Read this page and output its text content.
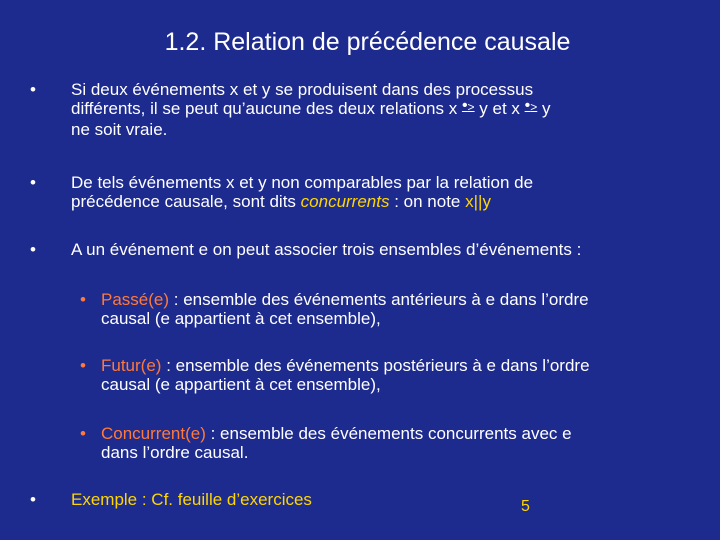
1.2. Relation de précédence causale
• Si deux événements x et y se produisent dans des processus
différents, il se peut qu’aucune des deux relations x •> y et x •> y
ne soit vraie.
• De tels événements x et y non comparables par la relation de
précédence causale, sont dits concurrents : on note x||y
• A un événement e on peut associer trois ensembles d’événements :
• Passé(e) : ensemble des événements antérieurs à e dans l’ordre
causal (e appartient à cet ensemble),
• Futur(e) : ensemble des événements postérieurs à e dans l’ordre
causal (e appartient à cet ensemble),
• Concurrent(e) : ensemble des événements concurrents avec e
dans l’ordre causal.
• Exemple : Cf. feuille d’exercices	5
